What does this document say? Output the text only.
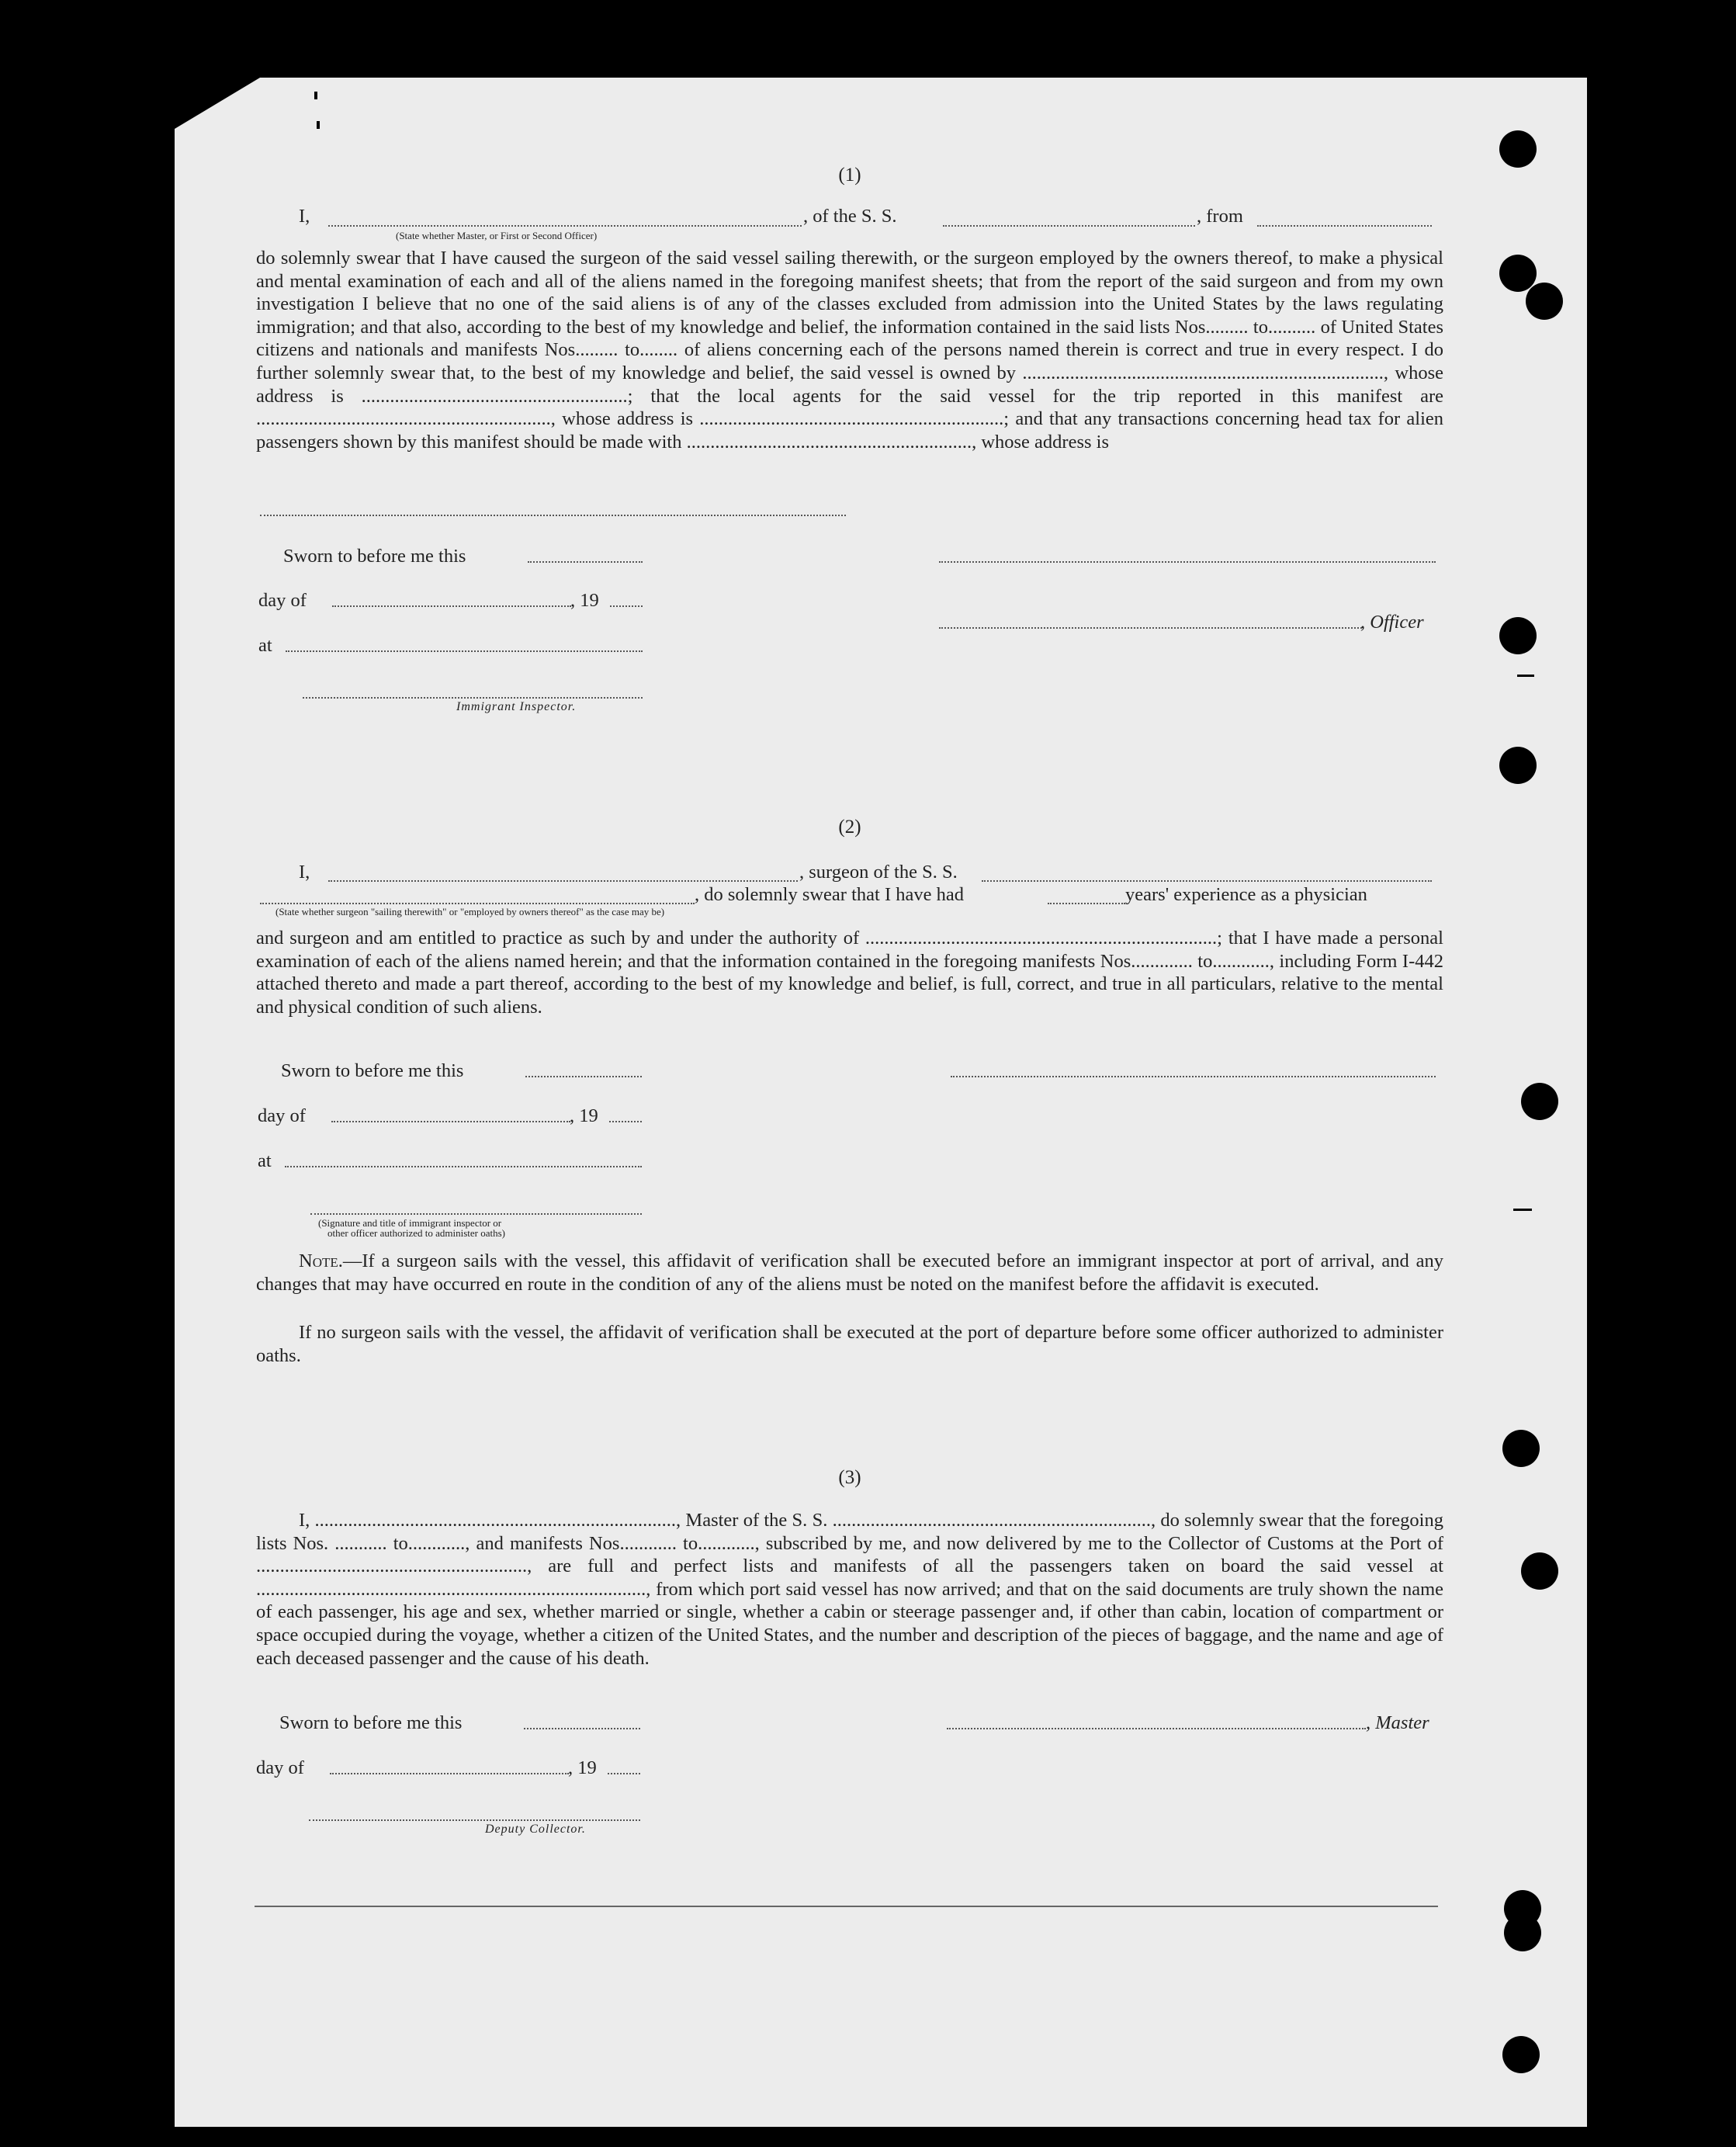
(1)
I,	, of the S. S.	, from
(State whether Master, or First or Second Officer)

do solemnly swear that I have caused the surgeon of the said vessel sailing therewith, or the surgeon employed by the owners thereof, to make a physical and mental examination of each and all of the aliens named in the foregoing manifest sheets; that from the report of the said surgeon and from my own investigation I believe that no one of the said aliens is of any of the classes excluded from admission into the United States by the laws regulating immigration; and that also, according to the best of my knowledge and belief, the information contained in the said lists Nos......... to.......... of United States citizens and nationals and manifests Nos......... to........ of aliens concerning each of the persons named therein is correct and true in every respect. I do further solemnly swear that, to the best of my knowledge and belief, the said vessel is owned by ............................................................................, whose address is ........................................................; that the local agents for the said vessel for the trip reported in this manifest are .............................................................., whose address is ................................................................; and that any transactions concerning head tax for alien passengers shown by this manifest should be made with ............................................................, whose address is

Sworn to before me this
day of	, 19
at
Immigrant Inspector.
, Officer
(2)
I,	, surgeon of the S. S.
, do solemnly swear that I have had	years' experience as a physician
(State whether surgeon "sailing therewith" or "employed by owners thereof" as the case may be)

and surgeon and am entitled to practice as such by and under the authority of ..........................................................................; that I have made a personal examination of each of the aliens named herein; and that the information contained in the foregoing manifests Nos............. to............, including Form I-442 attached thereto and made a part thereof, according to the best of my knowledge and belief, is full, correct, and true in all particulars, relative to the mental and physical condition of such aliens.

Sworn to before me this
day of	, 19
at
(Signature and title of immigrant inspector or
other officer authorized to administer oaths)

Note.—If a surgeon sails with the vessel, this affidavit of verification shall be executed before an immigrant inspector at port of arrival, and any changes that may have occurred en route in the condition of any of the aliens must be noted on the manifest before the affidavit is executed.

If no surgeon sails with the vessel, the affidavit of verification shall be executed at the port of departure before some officer authorized to administer oaths.

(3)

I, ............................................................................, Master of the S. S. ..................................................................., do solemnly swear that the foregoing lists Nos. ........... to............, and manifests Nos............ to............, subscribed by me, and now delivered by me to the Collector of Customs at the Port of ........................................................., are full and perfect lists and manifests of all the passengers taken on board the said vessel at .................................................................................., from which port said vessel has now arrived; and that on the said documents are truly shown the name of each passenger, his age and sex, whether married or single, whether a cabin or steerage passenger and, if other than cabin, location of compartment or space occupied during the voyage, whether a citizen of the United States, and the number and description of the pieces of baggage, and the name and age of each deceased passenger and the cause of his death.

Sworn to before me this	, Master
day of	, 19
Deputy Collector.
